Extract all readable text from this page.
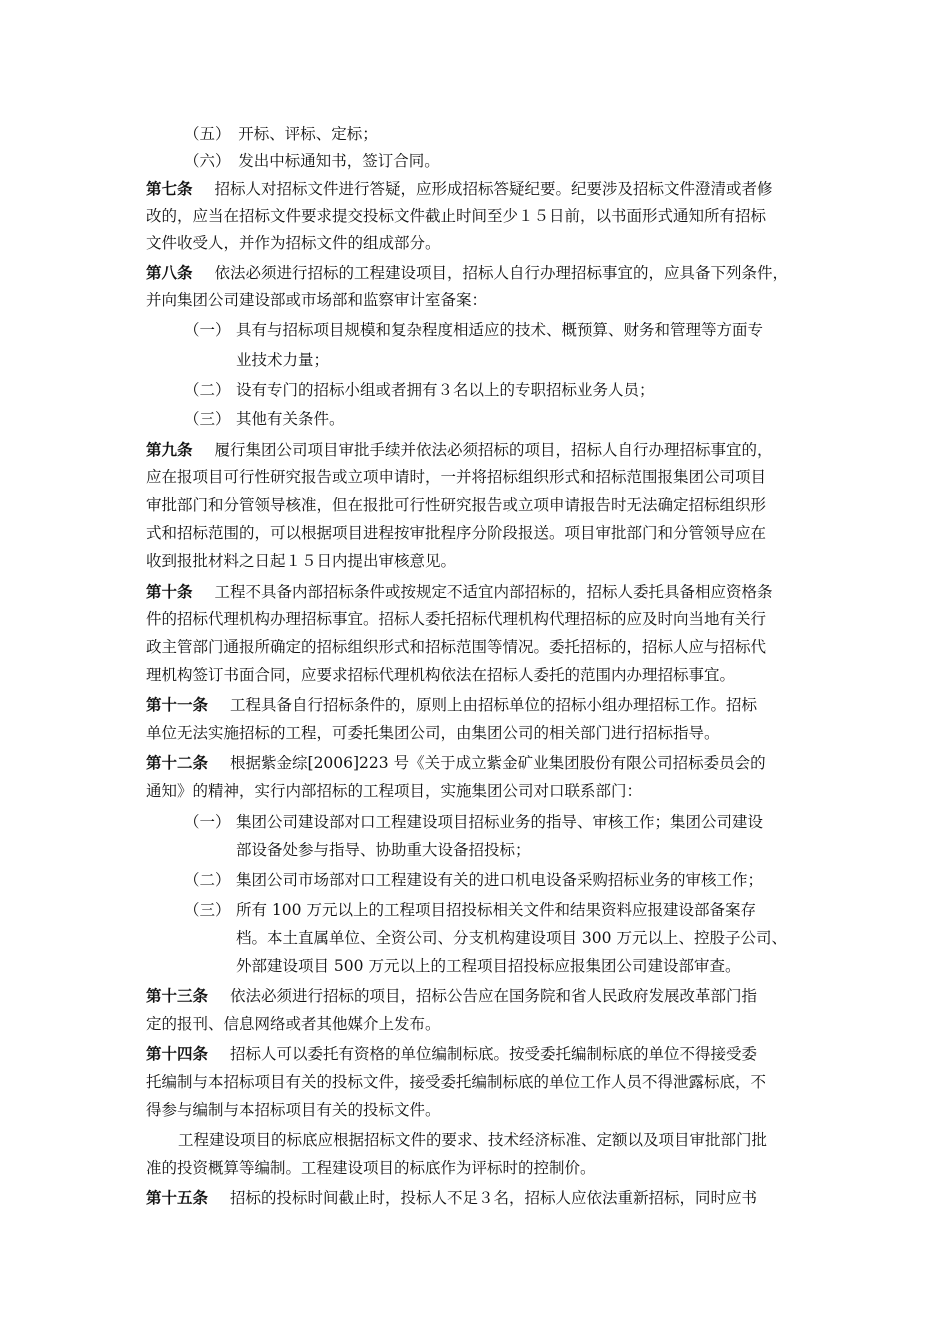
（五）　开标、评标、定标；
（六）　发出中标通知书，签订合同。
第七条 招标人对招标文件进行答疑，应形成招标答疑纪要。纪要涉及招标文件澄清或者修
改的，应当在招标文件要求提交投标文件截止时间至少１５日前，以书面形式通知所有招标
文件收受人，并作为招标文件的组成部分。
第八条 依法必须进行招标的工程建设项目，招标人自行办理招标事宜的，应具备下列条件，
并向集团公司建设部或市场部和监察审计室备案：
（一） 具有与招标项目规模和复杂程度相适应的技术、概预算、财务和管理等方面专
业技术力量；
（二） 设有专门的招标小组或者拥有３名以上的专职招标业务人员；
（三） 其他有关条件。
第九条 履行集团公司项目审批手续并依法必须招标的项目，招标人自行办理招标事宜的，
应在报项目可行性研究报告或立项申请时，一并将招标组织形式和招标范围报集团公司项目
审批部门和分管领导核准，但在报批可行性研究报告或立项申请报告时无法确定招标组织形
式和招标范围的，可以根据项目进程按审批程序分阶段报送。项目审批部门和分管领导应在
收到报批材料之日起１５日内提出审核意见。
第十条 工程不具备内部招标条件或按规定不适宜内部招标的，招标人委托具备相应资格条
件的招标代理机构办理招标事宜。招标人委托招标代理机构代理招标的应及时向当地有关行
政主管部门通报所确定的招标组织形式和招标范围等情况。委托招标的，招标人应与招标代
理机构签订书面合同，应要求招标代理机构依法在招标人委托的范围内办理招标事宜。
第十一条 工程具备自行招标条件的，原则上由招标单位的招标小组办理招标工作。招标
单位无法实施招标的工程，可委托集团公司，由集团公司的相关部门进行招标指导。
第十二条 根据紫金综[2006]223 号《关于成立紫金矿业集团股份有限公司招标委员会的
通知》的精神，实行内部招标的工程项目，实施集团公司对口联系部门：
（一） 集团公司建设部对口工程建设项目招标业务的指导、审核工作；集团公司建设
部设备处参与指导、协助重大设备招投标；
（二） 集团公司市场部对口工程建设有关的进口机电设备采购招标业务的审核工作；
（三） 所有 100 万元以上的工程项目招投标相关文件和结果资料应报建设部备案存
档。本土直属单位、全资公司、分支机构建设项目 300 万元以上、控股子公司、
外部建设项目 500 万元以上的工程项目招投标应报集团公司建设部审查。
第十三条 依法必须进行招标的项目，招标公告应在国务院和省人民政府发展改革部门指
定的报刊、信息网络或者其他媒介上发布。
第十四条 招标人可以委托有资格的单位编制标底。按受委托编制标底的单位不得接受委
托编制与本招标项目有关的投标文件，接受委托编制标底的单位工作人员不得泄露标底，不
得参与编制与本招标项目有关的投标文件。
工程建设项目的标底应根据招标文件的要求、技术经济标准、定额以及项目审批部门批
准的投资概算等编制。工程建设项目的标底作为评标时的控制价。
第十五条 招标的投标时间截止时，投标人不足３名，招标人应依法重新招标，同时应书
